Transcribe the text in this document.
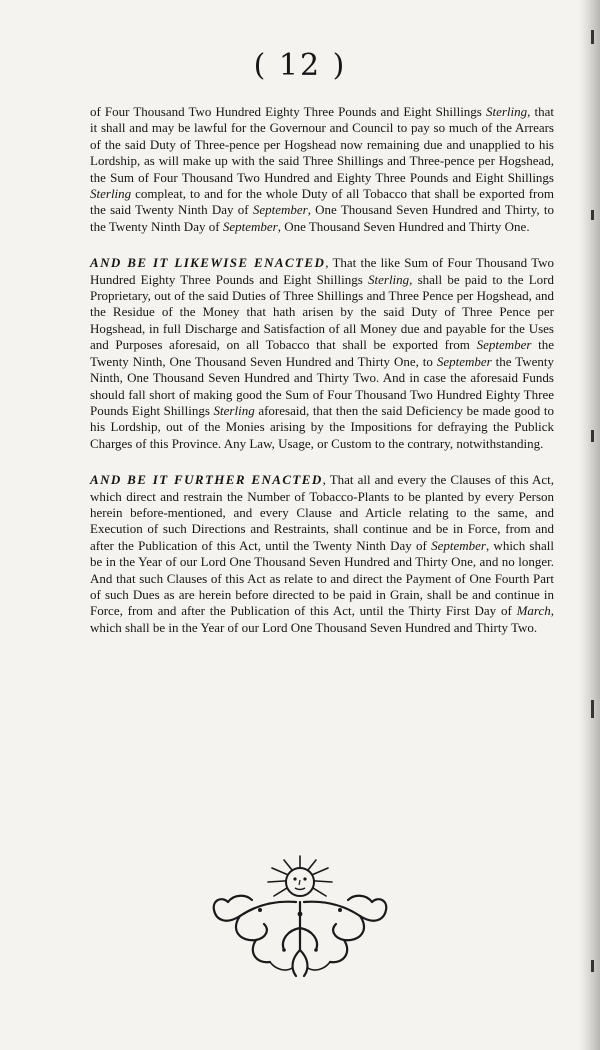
( 12 )

of Four Thousand Two Hundred Eighty Three Pounds and Eight Shillings Sterling, that it shall and may be lawful for the Governour and Council to pay so much of the Arrears of the said Duty of Three-pence per Hogshead now remaining due and unapplied to his Lordship, as will make up with the said Three Shillings and Three-pence per Hogshead, the Sum of Four Thousand Two Hundred and Eighty Three Pounds and Eight Shillings Sterling compleat, to and for the whole Duty of all Tobacco that shall be exported from the said Twenty Ninth Day of September, One Thousand Seven Hundred and Thirty, to the Twenty Ninth Day of September, One Thousand Seven Hundred and Thirty One.

AND BE IT LIKEWISE ENACTED, That the like Sum of Four Thousand Two Hundred Eighty Three Pounds and Eight Shillings Sterling, shall be paid to the Lord Proprietary, out of the said Duties of Three Shillings and Three Pence per Hogshead, and the Residue of the Money that hath arisen by the said Duty of Three Pence per Hogshead, in full Discharge and Satisfaction of all Money due and payable for the Uses and Purposes aforesaid, on all Tobacco that shall be exported from September the Twenty Ninth, One Thousand Seven Hundred and Thirty One, to September the Twenty Ninth, One Thousand Seven Hundred and Thirty Two. And in case the aforesaid Funds should fall short of making good the Sum of Four Thousand Two Hundred Eighty Three Pounds Eight Shillings Sterling aforesaid, that then the said Deficiency be made good to his Lordship, out of the Monies arising by the Impositions for defraying the Publick Charges of this Province. Any Law, Usage, or Custom to the contrary, notwithstanding.

AND BE IT FURTHER ENACTED, That all and every the Clauses of this Act, which direct and restrain the Number of Tobacco-Plants to be planted by every Person herein before-mentioned, and every Clause and Article relating to the same, and Execution of such Directions and Restraints, shall continue and be in Force, from and after the Publication of this Act, until the Twenty Ninth Day of September, which shall be in the Year of our Lord One Thousand Seven Hundred and Thirty One, and no longer. And that such Clauses of this Act as relate to and direct the Payment of One Fourth Part of such Dues as are herein before directed to be paid in Grain, shall be and continue in Force, from and after the Publication of this Act, until the Thirty First Day of March, which shall be in the Year of our Lord One Thousand Seven Hundred and Thirty Two.
